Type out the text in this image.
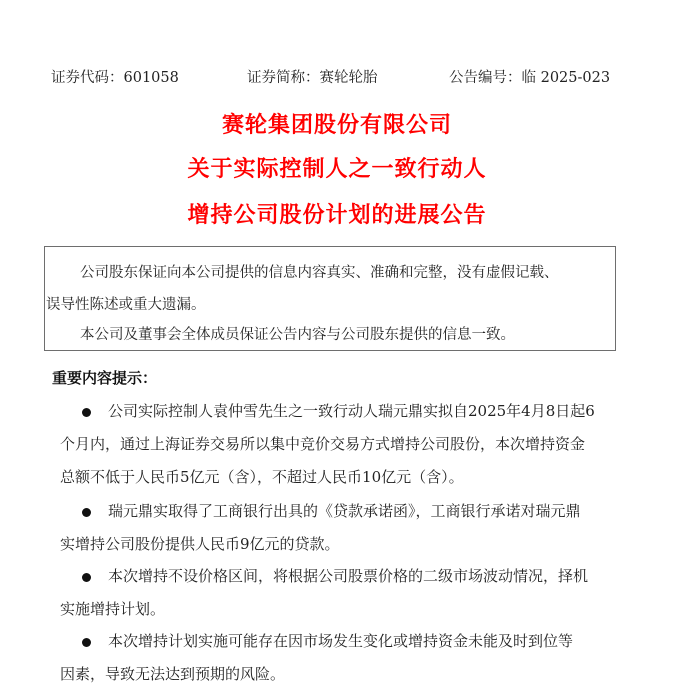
证券代码：601058	证券简称：赛轮轮胎	公告编号：临 2025-023
赛轮集团股份有限公司
关于实际控制人之一致行动人
增持公司股份计划的进展公告

公司股东保证向本公司提供的信息内容真实、准确和完整，没有虚假记载、

误导性陈述或重大遗漏。

本公司及董事会全体成员保证公告内容与公司股东提供的信息一致。

重要内容提示：
公司实际控制人袁仲雪先生之一致行动人瑞元鼎实拟自2025年4月8日起6
个月内，通过上海证券交易所以集中竞价交易方式增持公司股份，本次增持资金
总额不低于人民币5亿元（含），不超过人民币10亿元（含）。
瑞元鼎实取得了工商银行出具的《贷款承诺函》，工商银行承诺对瑞元鼎
实增持公司股份提供人民币9亿元的贷款。
本次增持不设价格区间，将根据公司股票价格的二级市场波动情况，择机
实施增持计划。
本次增持计划实施可能存在因市场发生变化或增持资金未能及时到位等
因素，导致无法达到预期的风险。
